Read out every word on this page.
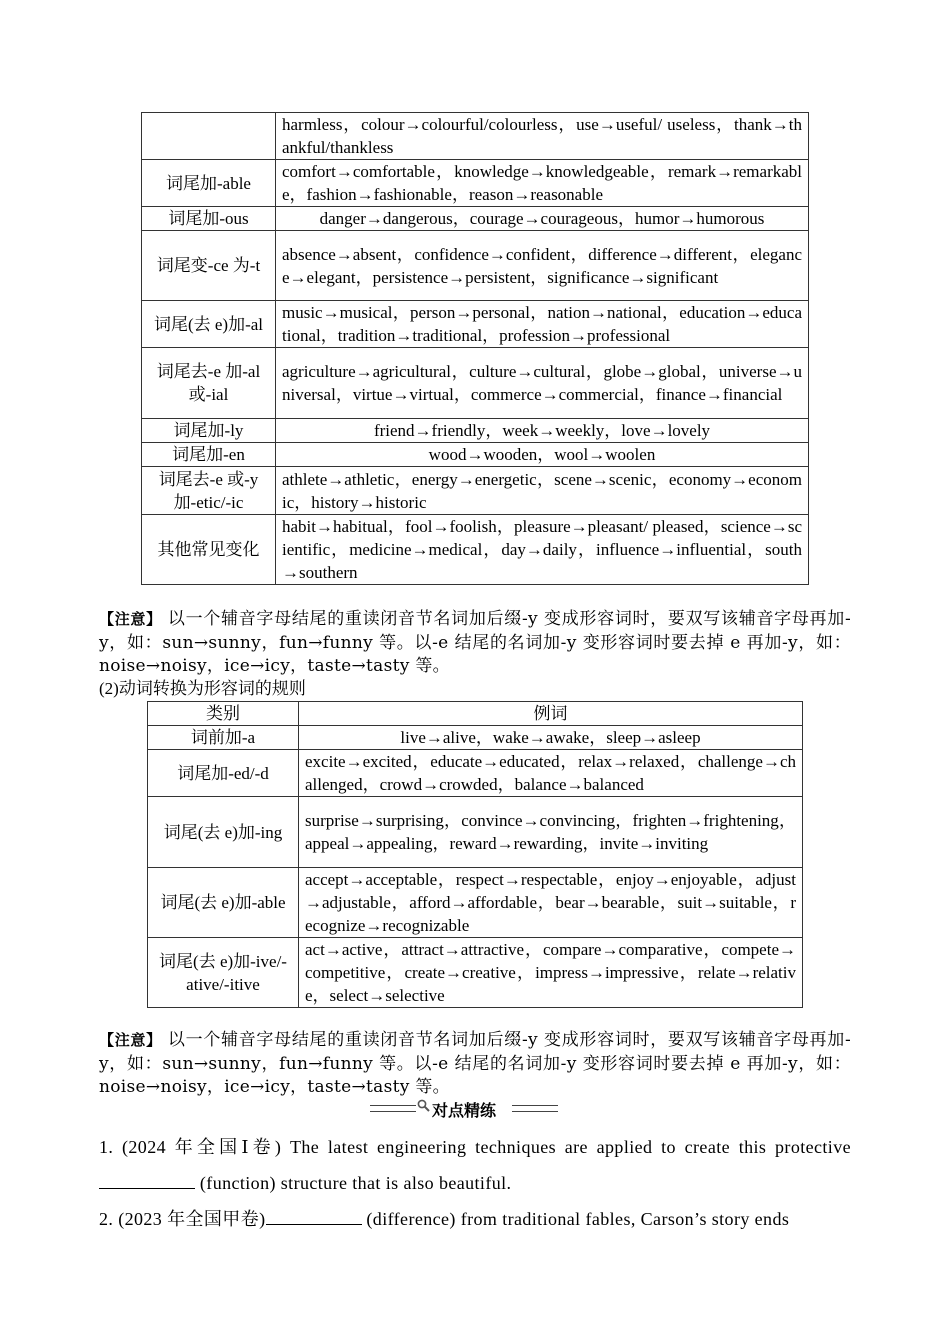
	harmless，colour→colourful/colourless，use→useful/ useless，thank→thankful/thankless
词尾加-able	comfort→comfortable，knowledge→knowledgeable，remark→remarkable，fashion→fashionable，reason→reasonable
词尾加-ous	danger→dangerous，courage→courageous，humor→humorous
词尾变-ce 为-t	absence→absent，confidence→confident，difference→different，elegance→elegant，persistence→persistent，significance→significant
词尾(去 e)加-al	music→musical，person→personal，nation→national，education→educational，tradition→traditional，profession→professional
词尾去-e 加-al 或-ial	agriculture→agricultural，culture→cultural，globe→global，universe→universal，virtue→virtual，commerce→commercial，finance→financial
词尾加-ly	friend→friendly，week→weekly，love→lovely
词尾加-en	wood→wooden，wool→woolen
词尾去-e 或-y 加-etic/-ic	athlete→athletic，energy→energetic，scene→scenic，economy→economic，history→historic
其他常见变化	habit→habitual，fool→foolish，pleasure→pleasant/ pleased，science→scientific，medicine→medical，day→daily，influence→influential，south→southern
【注意】 以一个辅音字母结尾的重读闭音节名词加后缀-y 变成形容词时，要双写该辅音字母再加-y，如：sun→sunny，fun→funny 等。以-e 结尾的名词加-y 变形容词时要去掉 e 再加-y，如：noise→noisy，ice→icy，taste→tasty 等。
(2)动词转换为形容词的规则
类别	例词
词前加-a	live→alive，wake→awake，sleep→asleep
词尾加-ed/-d	excite→excited，educate→educated，relax→relaxed，challenge→challenged，crowd→crowded，balance→balanced
词尾(去 e)加-ing	surprise→surprising，convince→convincing，frighten→frightening，appeal→appealing，reward→rewarding，invite→inviting
词尾(去 e)加-able	accept→acceptable，respect→respectable，enjoy→enjoyable，adjust→adjustable，afford→affordable，bear→bearable，suit→suitable，recognize→recognizable
词尾(去 e)加-ive/-ative/-itive	act→active，attract→attractive，compare→comparative，compete→competitive，create→creative，impress→impressive，relate→relative，select→selective
【注意】 以一个辅音字母结尾的重读闭音节名词加后缀-y 变成形容词时，要双写该辅音字母再加-y，如：sun→sunny，fun→funny 等。以-e 结尾的名词加-y 变形容词时要去掉 e 再加-y，如：noise→noisy，ice→icy，taste→tasty 等。
对点精练
1. (2024 年全国Ⅰ卷) The latest engineering techniques are applied to create this protective (function) structure that is also beautiful.
2. (2023 年全国甲卷)	(difference) from traditional fables, Carson’s story ends
